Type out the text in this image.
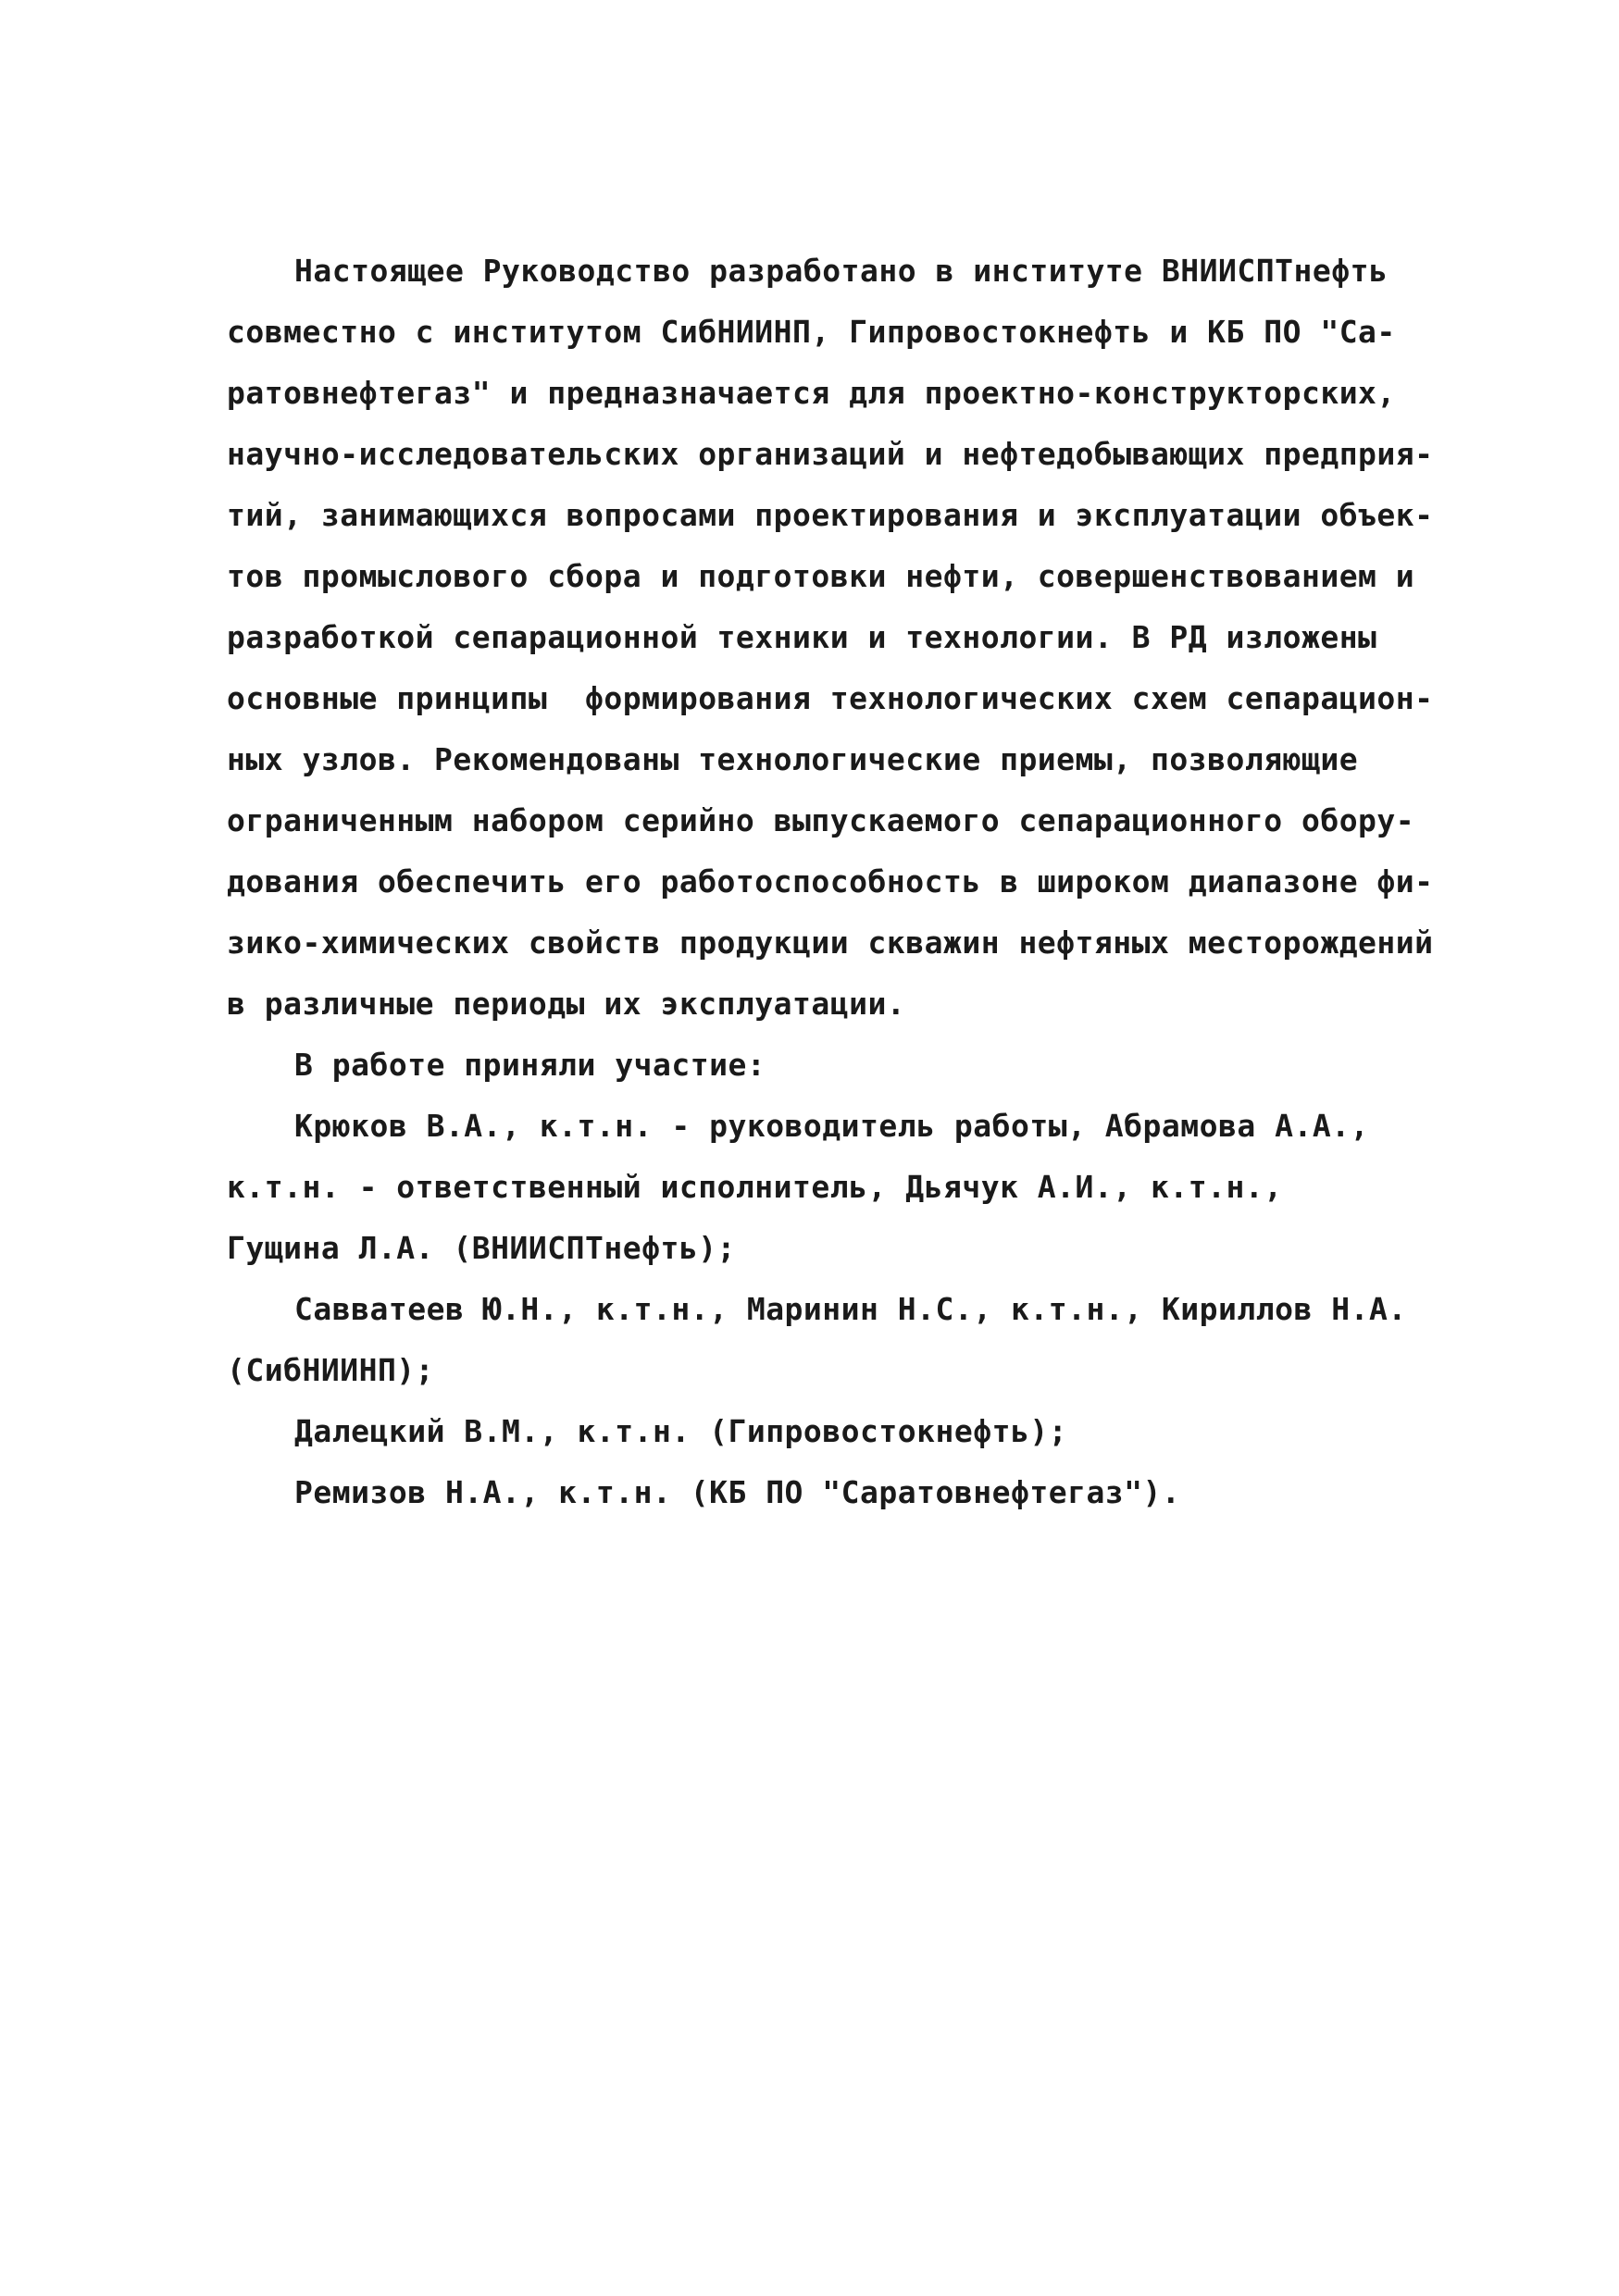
Настоящее Руководство разработано в институте ВНИИСПТнефть
совместно с институтом СибНИИНП, Гипровостокнефть и КБ ПО "Са-
ратовнефтегаз" и предназначается для проектно-конструкторских,
научно-исследовательских организаций и нефтедобывающих предприя-
тий, занимающихся вопросами проектирования и эксплуатации объек-
тов промыслового сбора и подготовки нефти, совершенствованием и
разработкой сепарационной техники и технологии. В РД изложены
основные принципы  формирования технологических схем сепарацион-
ных узлов. Рекомендованы технологические приемы, позволяющие
ограниченным набором серийно выпускаемого сепарационного обору-
дования обеспечить его работоспособность в широком диапазоне фи-
зико-химических свойств продукции скважин нефтяных месторождений
в различные периоды их эксплуатации.
В работе приняли участие:
Крюков В.А., к.т.н. - руководитель работы, Абрамова А.А.,
к.т.н. - ответственный исполнитель, Дьячук А.И., к.т.н.,
Гущина Л.А. (ВНИИСПТнефть);
Савватеев Ю.Н., к.т.н., Маринин Н.С., к.т.н., Кириллов Н.А.
(СибНИИНП);
Далецкий В.М., к.т.н. (Гипровостокнефть);
Ремизов Н.А., к.т.н. (КБ ПО "Саратовнефтегаз").
